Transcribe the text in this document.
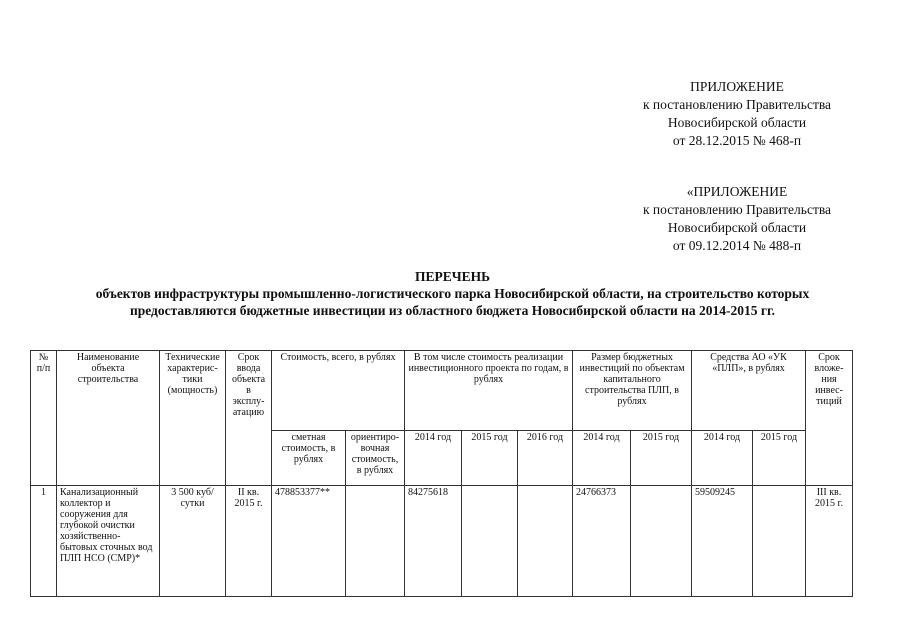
ПРИЛОЖЕНИЕ
к постановлению Правительства
Новосибирской области
от 28.12.2015 № 468-п
«ПРИЛОЖЕНИЕ
к постановлению Правительства
Новосибирской области
от 09.12.2014 № 488-п
ПЕРЕЧЕНЬ
объектов инфраструктуры промышленно-логистического парка Новосибирской области, на строительство которых
предоставляются бюджетные инвестиции из областного бюджета Новосибирской области на 2014-2015 гг.
№ п/п	Наименование объекта строительства	Технические характерис-тики (мощность)	Срок ввода объекта в эксплу-атацию	Стоимость, всего, в рублях		В том числе стоимость реализации инвестиционного проекта по годам, в рублях			Размер бюджетных инвестиций по объектам капитального строительства ПЛП, в рублях		Средства АО «УК «ПЛП», в рублях		Срок вложе-ния инвес-тиций
				сметная стоимость, в рублях	ориентиро-вочная стоимость, в рублях	2014 год	2015 год	2016 год	2014 год	2015 год	2014 год	2015 год	
1	Канализационный коллектор и сооружения для глубокой очистки хозяйственно-бытовых сточных вод ПЛП НСО (СМР)*	3 500 куб/ сутки	II кв. 2015 г.	478853377**		84275618			24766373		59509245		III кв. 2015 г.
